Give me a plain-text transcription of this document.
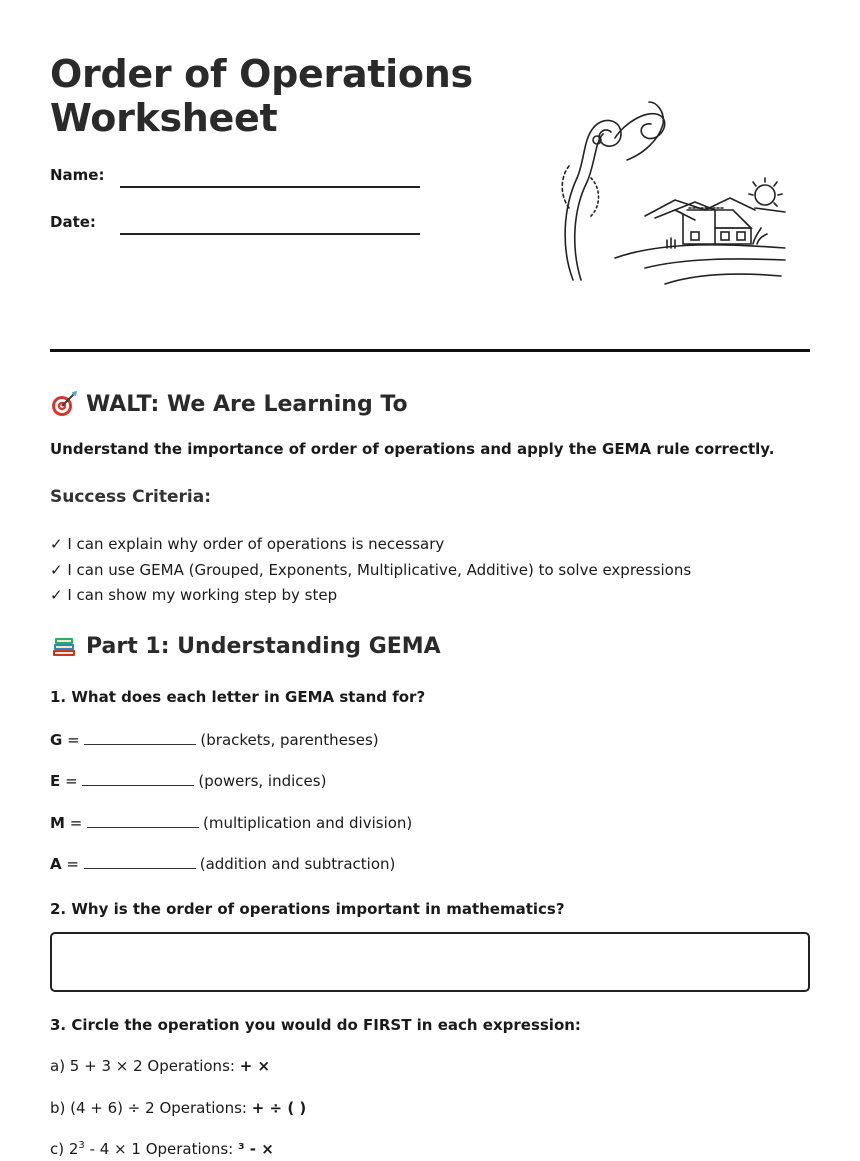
Order of Operations
Worksheet
Name:
Date:
WALT: We Are Learning To
Understand the importance of order of operations and apply the GEMA rule correctly.
Success Criteria:
✓ I can explain why order of operations is necessary
✓ I can use GEMA (Grouped, Exponents, Multiplicative, Additive) to solve expressions
✓ I can show my working step by step
Part 1: Understanding GEMA
1. What does each letter in GEMA stand for?
G =	(brackets, parentheses)
E =	(powers, indices)
M =	(multiplication and division)
A =	(addition and subtraction)
2. Why is the order of operations important in mathematics?
3. Circle the operation you would do FIRST in each expression:
a) 5 + 3 × 2 Operations: + ×
b) (4 + 6) ÷ 2 Operations: + ÷ ( )
c) $2^3 - 4 \times 1$ Operations: ³ - ×
